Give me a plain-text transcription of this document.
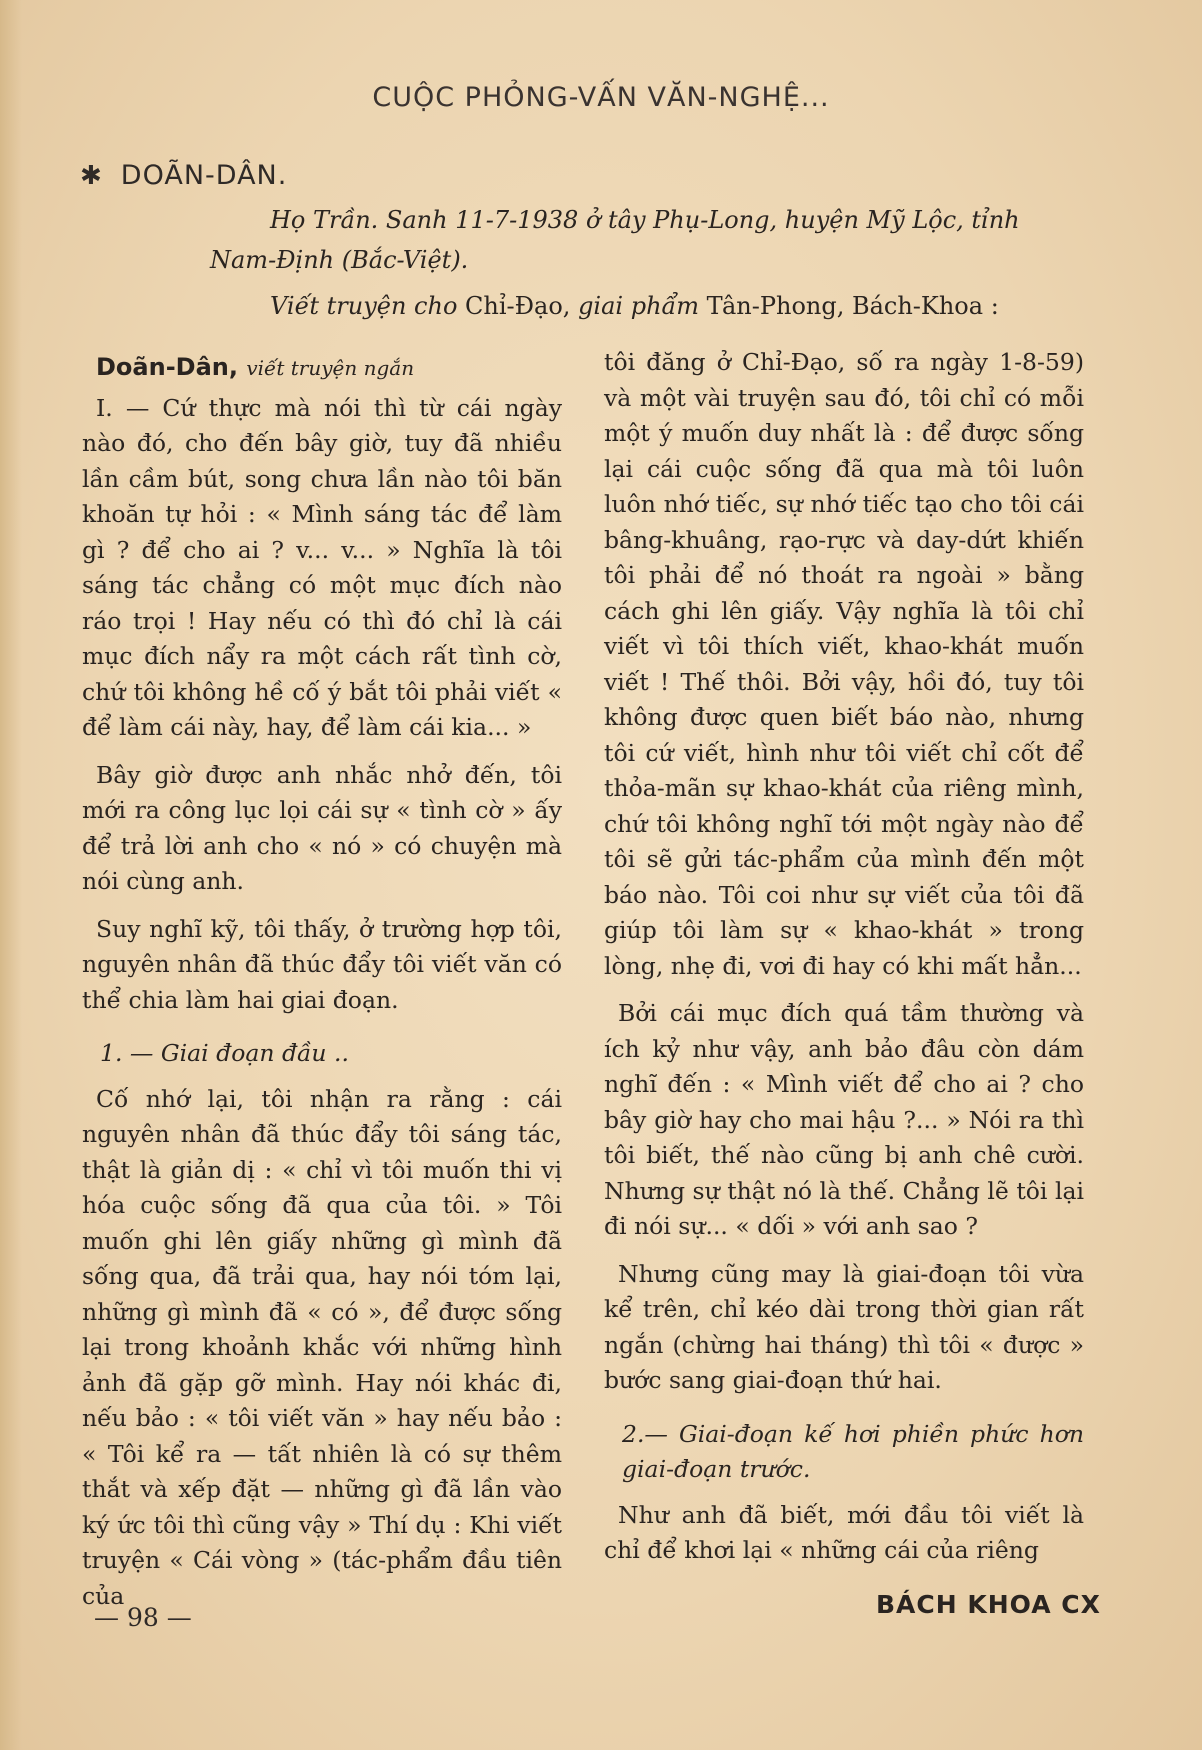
CUỘC PHỎNG-VẤN VĂN-NGHỆ...
✱ DOÃN-DÂN.

Họ Trần. Sanh 11-7-1938 ở tây Phụ-Long, huyện Mỹ Lộc, tỉnh

Nam-Định (Bắc-Việt).

Viết truyện cho Chỉ-Đạo, giai phẩm Tân-Phong, Bách-Khoa :

Doãn-Dân, viết truyện ngắn

I. — Cứ thực mà nói thì từ cái ngày nào đó, cho đến bây giờ, tuy đã nhiều lần cầm bút, song chưa lần nào tôi băn khoăn tự hỏi : « Mình sáng tác để làm gì ? để cho ai ? v... v... » Nghĩa là tôi sáng tác chẳng có một mục đích nào ráo trọi ! Hay nếu có thì đó chỉ là cái mục đích nẩy ra một cách rất tình cờ, chứ tôi không hề cố ý bắt tôi phải viết « để làm cái này, hay, để làm cái kia... »

Bây giờ được anh nhắc nhở đến, tôi mới ra công lục lọi cái sự « tình cờ » ấy để trả lời anh cho « nó » có chuyện mà nói cùng anh.

Suy nghĩ kỹ, tôi thấy, ở trường hợp tôi, nguyên nhân đã thúc đẩy tôi viết văn có thể chia làm hai giai đoạn.

1. — Giai đoạn đầu ..

Cố nhớ lại, tôi nhận ra rằng : cái nguyên nhân đã thúc đẩy tôi sáng tác, thật là giản dị : « chỉ vì tôi muốn thi vị hóa cuộc sống đã qua của tôi. » Tôi muốn ghi lên giấy những gì mình đã sống qua, đã trải qua, hay nói tóm lại, những gì mình đã « có », để được sống lại trong khoảnh khắc với những hình ảnh đã gặp gỡ mình. Hay nói khác đi, nếu bảo : « tôi viết văn » hay nếu bảo : « Tôi kể ra — tất nhiên là có sự thêm thắt và xếp đặt — những gì đã lần vào ký ức tôi thì cũng vậy » Thí dụ : Khi viết truyện « Cái vòng » (tác-phẩm đầu tiên của

tôi đăng ở Chỉ-Đạo, số ra ngày 1-8-59) và một vài truyện sau đó, tôi chỉ có mỗi một ý muốn duy nhất là : để được sống lại cái cuộc sống đã qua mà tôi luôn luôn nhớ tiếc, sự nhớ tiếc tạo cho tôi cái bâng-khuâng, rạo-rực và day-dứt khiến tôi phải để nó thoát ra ngoài » bằng cách ghi lên giấy. Vậy nghĩa là tôi chỉ viết vì tôi thích viết, khao-khát muốn viết ! Thế thôi. Bởi vậy, hồi đó, tuy tôi không được quen biết báo nào, nhưng tôi cứ viết, hình như tôi viết chỉ cốt để thỏa-mãn sự khao-khát của riêng mình, chứ tôi không nghĩ tới một ngày nào để tôi sẽ gửi tác-phẩm của mình đến một báo nào. Tôi coi như sự viết của tôi đã giúp tôi làm sự « khao-khát » trong lòng, nhẹ đi, vơi đi hay có khi mất hẳn...

Bởi cái mục đích quá tầm thường và ích kỷ như vậy, anh bảo đâu còn dám nghĩ đến : « Mình viết để cho ai ? cho bây giờ hay cho mai hậu ?... » Nói ra thì tôi biết, thế nào cũng bị anh chê cười. Nhưng sự thật nó là thế. Chẳng lẽ tôi lại đi nói sự... « dối » với anh sao ?

Nhưng cũng may là giai-đoạn tôi vừa kể trên, chỉ kéo dài trong thời gian rất ngắn (chừng hai tháng) thì tôi « được » bước sang giai-đoạn thứ hai.

2.— Giai-đoạn kế hơi phiền phức hơn giai-đoạn trước.

Như anh đã biết, mới đầu tôi viết là chỉ để khơi lại « những cái của riêng

— 98 —	BÁCH KHOA CX
